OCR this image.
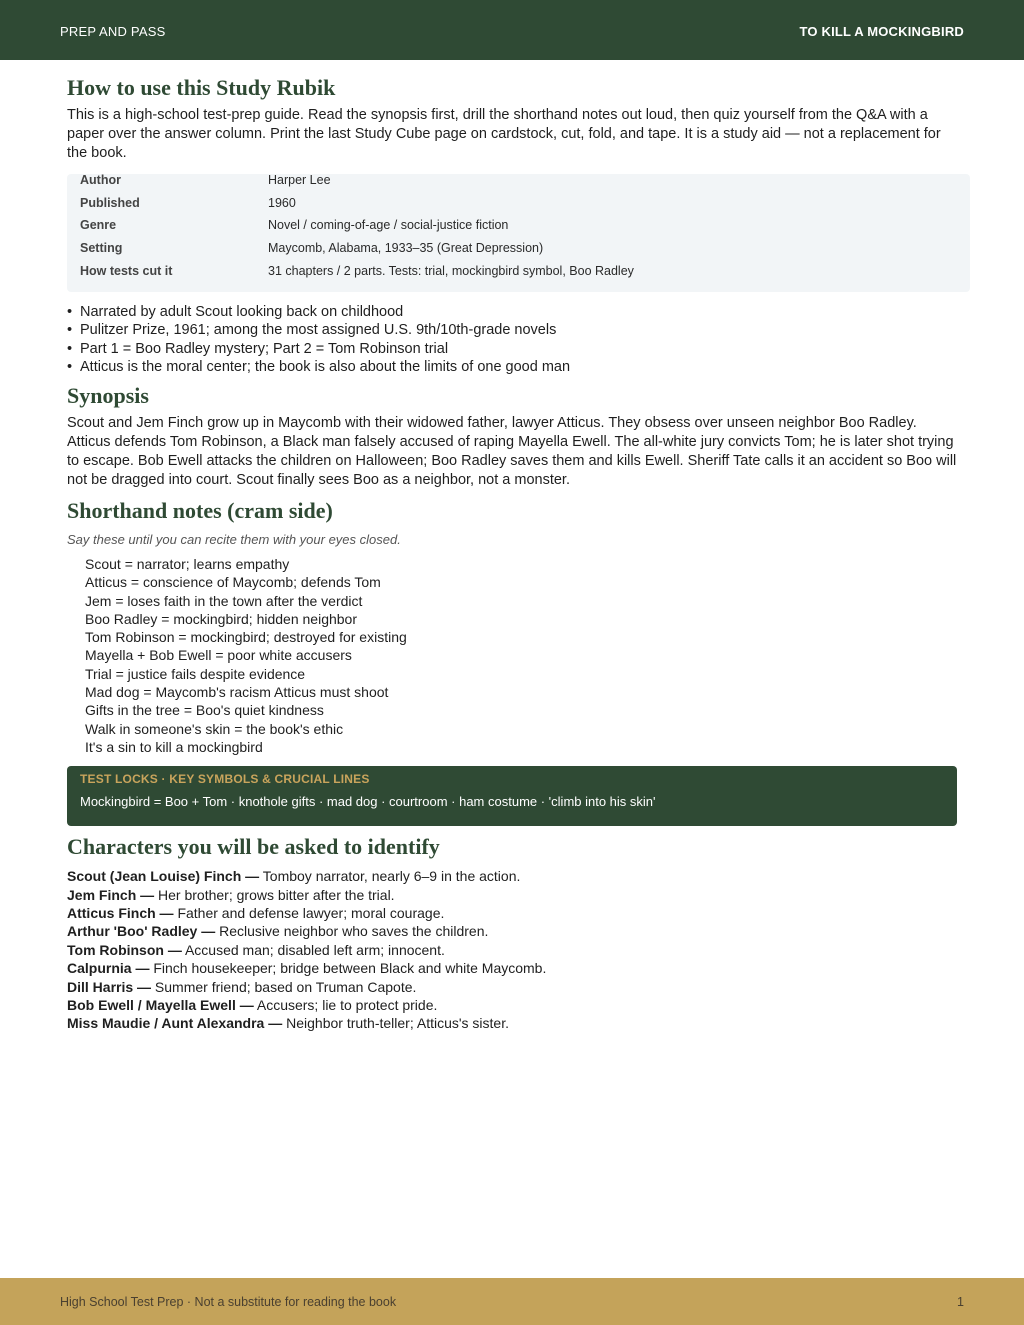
PREP AND PASS	TO KILL A MOCKINGBIRD
How to use this Study Rubik

This is a high-school test-prep guide. Read the synopsis first, drill the shorthand notes out loud, then quiz yourself from the Q&A with a paper over the answer column. Print the last Study Cube page on cardstock, cut, fold, and tape. It is a study aid — not a replacement for the book.

Author	Harper Lee
Published	1960
Genre	Novel / coming-of-age / social-justice fiction
Setting	Maycomb, Alabama, 1933–35 (Great Depression)
How tests cut it	31 chapters / 2 parts. Tests: trial, mockingbird symbol, Boo Radley
• Narrated by adult Scout looking back on childhood
• Pulitzer Prize, 1961; among the most assigned U.S. 9th/10th-grade novels
• Part 1 = Boo Radley mystery; Part 2 = Tom Robinson trial
• Atticus is the moral center; the book is also about the limits of one good man
Synopsis

Scout and Jem Finch grow up in Maycomb with their widowed father, lawyer Atticus. They obsess over unseen neighbor Boo Radley. Atticus defends Tom Robinson, a Black man falsely accused of raping Mayella Ewell. The all-white jury convicts Tom; he is later shot trying to escape. Bob Ewell attacks the children on Halloween; Boo Radley saves them and kills Ewell. Sheriff Tate calls it an accident so Boo will not be dragged into court. Scout finally sees Boo as a neighbor, not a monster.

Shorthand notes (cram side)

Say these until you can recite them with your eyes closed.

Scout = narrator; learns empathy
Atticus = conscience of Maycomb; defends Tom
Jem = loses faith in the town after the verdict
Boo Radley = mockingbird; hidden neighbor
Tom Robinson = mockingbird; destroyed for existing
Mayella + Bob Ewell = poor white accusers
Trial = justice fails despite evidence
Mad dog = Maycomb's racism Atticus must shoot
Gifts in the tree = Boo's quiet kindness
Walk in someone's skin = the book's ethic
It's a sin to kill a mockingbird
TEST LOCKS · KEY SYMBOLS & CRUCIAL LINES
Mockingbird = Boo + Tom · knothole gifts · mad dog · courtroom · ham costume · 'climb into his skin'
Characters you will be asked to identify
Scout (Jean Louise) Finch — Tomboy narrator, nearly 6–9 in the action.
Jem Finch — Her brother; grows bitter after the trial.
Atticus Finch — Father and defense lawyer; moral courage.
Arthur 'Boo' Radley — Reclusive neighbor who saves the children.
Tom Robinson — Accused man; disabled left arm; innocent.
Calpurnia — Finch housekeeper; bridge between Black and white Maycomb.
Dill Harris — Summer friend; based on Truman Capote.
Bob Ewell / Mayella Ewell — Accusers; lie to protect pride.
Miss Maudie / Aunt Alexandra — Neighbor truth-teller; Atticus's sister.
High School Test Prep · Not a substitute for reading the book	1
